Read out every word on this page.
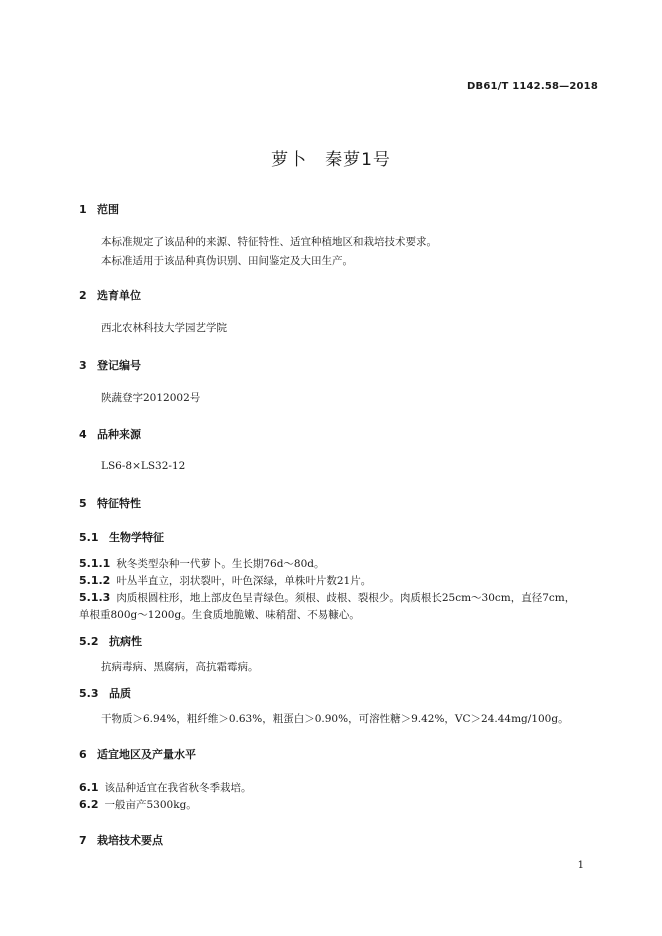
DB61/T 1142.58—2018
萝卜 秦萝1号
1 范围
本标准规定了该品种的来源、特征特性、适宜种植地区和栽培技术要求。
本标准适用于该品种真伪识别、田间鉴定及大田生产。
2 选育单位
西北农林科技大学园艺学院
3 登记编号
陕蔬登字2012002号
4 品种来源
LS6-8×LS32-12
5 特征特性
5.1 生物学特征
5.1.1 秋冬类型杂种一代萝卜。生长期76d～80d。
5.1.2 叶丛半直立，羽状裂叶，叶色深绿，单株叶片数21片。
5.1.3 肉质根圆柱形，地上部皮色呈青绿色。须根、歧根、裂根少。肉质根长25cm～30cm，直径7cm，
单根重800g～1200g。生食质地脆嫩、味稍甜、不易糠心。
5.2 抗病性
抗病毒病、黑腐病，高抗霜霉病。
5.3 品质
干物质＞6.94%，粗纤维＞0.63%，粗蛋白＞0.90%，可溶性糖＞9.42%，VC＞24.44mg/100g。
6 适宜地区及产量水平
6.1 该品种适宜在我省秋冬季栽培。
6.2 一般亩产5300kg。
7 栽培技术要点
1
